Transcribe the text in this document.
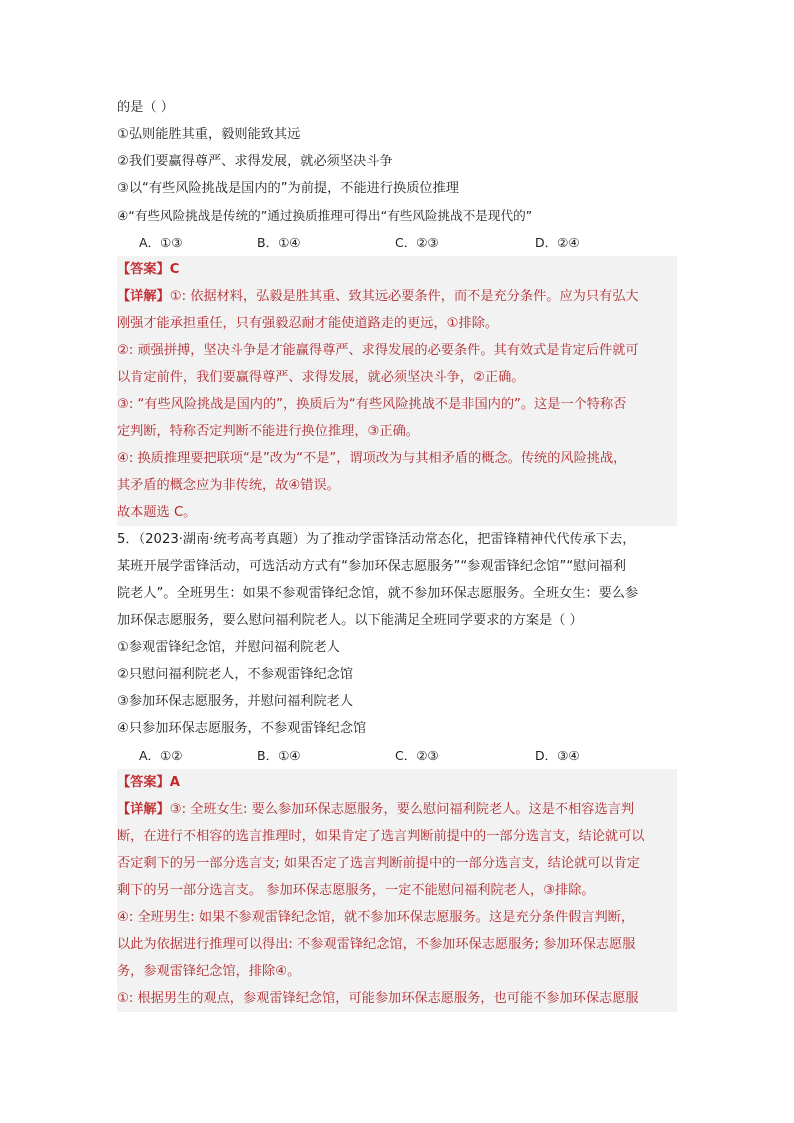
的是（ ）
①弘则能胜其重，毅则能致其远
②我们要赢得尊严、求得发展，就必须坚决斗争
③以“有些风险挑战是国内的”为前提，不能进行换质位推理
④“有些风险挑战是传统的”通过换质推理可得出“有些风险挑战不是现代的”
A．①③	B．①④	C．②③	D．②④
【答案】C
【详解】①: 依据材料，弘毅是胜其重、致其远必要条件，而不是充分条件。应为只有弘大
刚强才能承担重任，只有强毅忍耐才能使道路走的更远，①排除。
②: 顽强拼搏，坚决斗争是才能赢得尊严、求得发展的必要条件。其有效式是肯定后件就可
以肯定前件，我们要赢得尊严、求得发展，就必须坚决斗争，②正确。
③: “有些风险挑战是国内的”，换质后为“有些风险挑战不是非国内的”。这是一个特称否
定判断，特称否定判断不能进行换位推理，③正确。
④: 换质推理要把联项“是”改为“不是”，谓项改为与其相矛盾的概念。传统的风险挑战，
其矛盾的概念应为非传统，故④错误。
故本题选 C。
5．（2023·湖南·统考高考真题）为了推动学雷锋活动常态化，把雷锋精神代代传承下去，
某班开展学雷锋活动，可选活动方式有“参加环保志愿服务”“参观雷锋纪念馆”“慰问福利
院老人”。全班男生：如果不参观雷锋纪念馆，就不参加环保志愿服务。全班女生：要么参
加环保志愿服务，要么慰问福利院老人。以下能满足全班同学要求的方案是（ ）
①参观雷锋纪念馆，并慰问福利院老人
②只慰问福利院老人，不参观雷锋纪念馆
③参加环保志愿服务，并慰问福利院老人
④只参加环保志愿服务，不参观雷锋纪念馆
A．①②	B．①④	C．②③	D．③④
【答案】A
【详解】③: 全班女生: 要么参加环保志愿服务，要么慰问福利院老人。这是不相容选言判
断，在进行不相容的选言推理时，如果肯定了选言判断前提中的一部分选言支，结论就可以
否定剩下的另一部分选言支; 如果否定了选言判断前提中的一部分选言支，结论就可以肯定
剩下的另一部分选言支。 参加环保志愿服务，一定不能慰问福利院老人，③排除。
④: 全班男生: 如果不参观雷锋纪念馆，就不参加环保志愿服务。这是充分条件假言判断，
以此为依据进行推理可以得出: 不参观雷锋纪念馆，不参加环保志愿服务; 参加环保志愿服
务，参观雷锋纪念馆，排除④。
①: 根据男生的观点，参观雷锋纪念馆，可能参加环保志愿服务，也可能不参加环保志愿服
